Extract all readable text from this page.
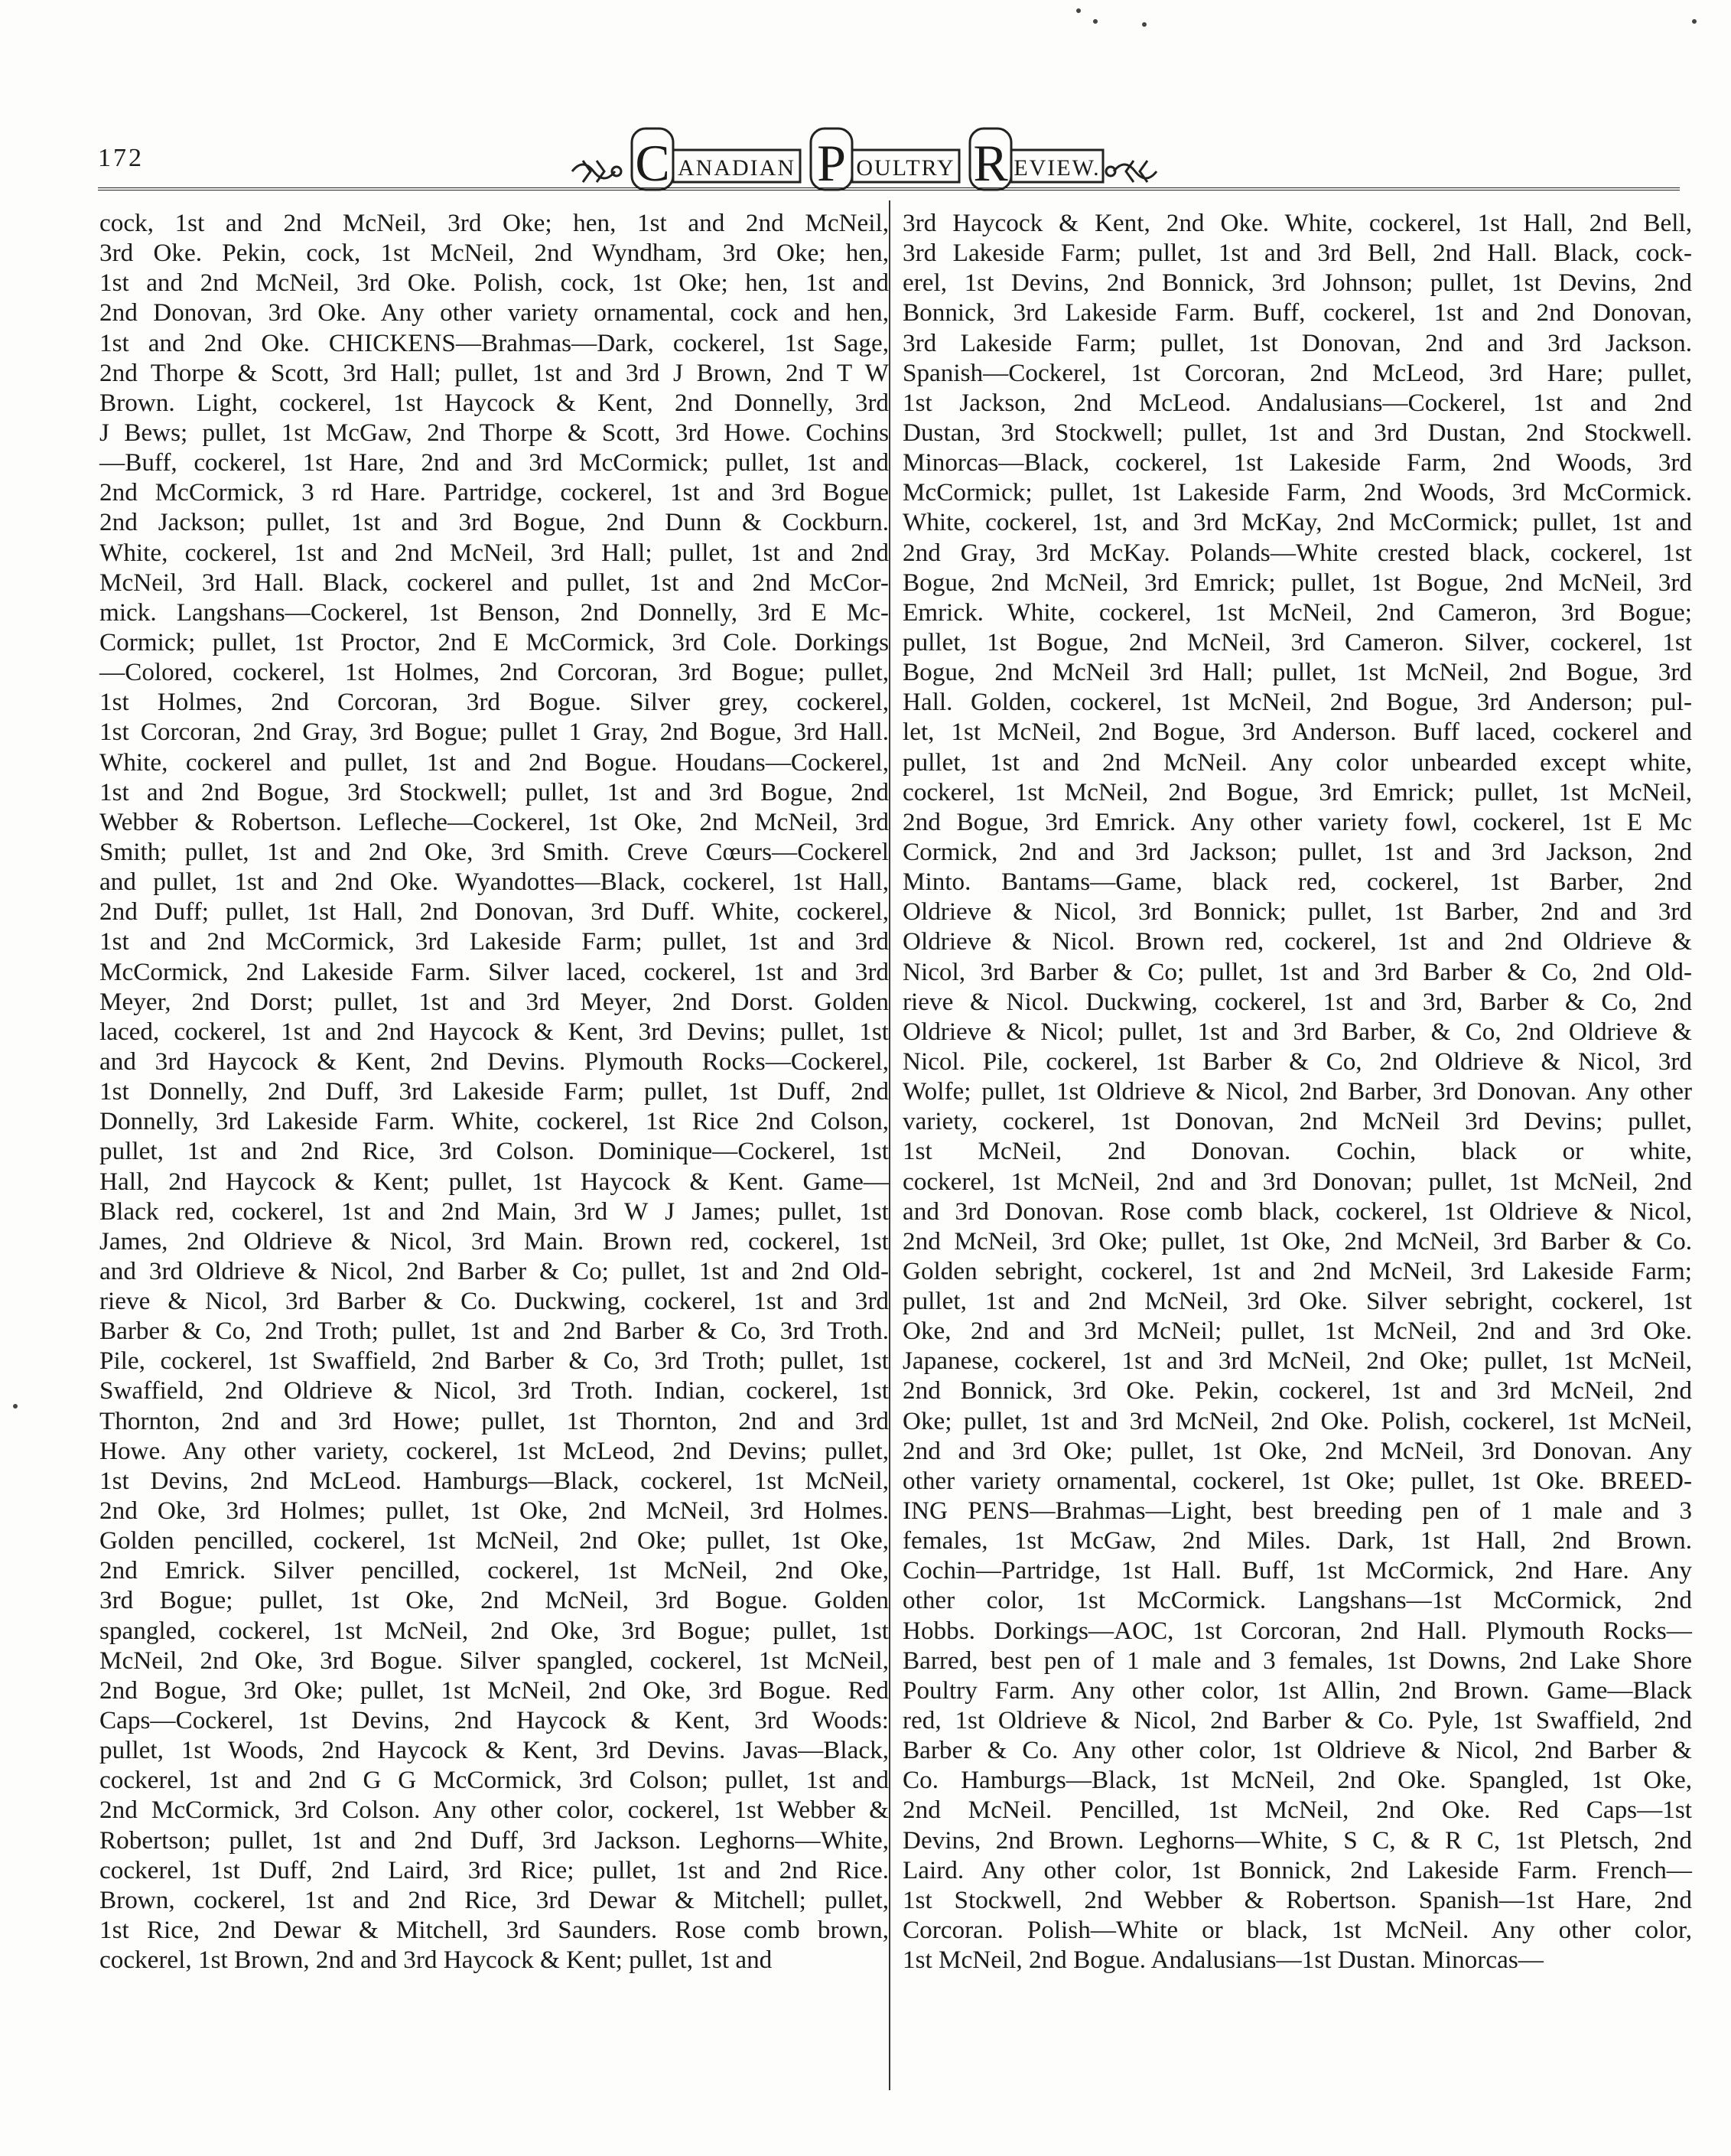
172	C ANADIAN P OULTRY R EVIEW.
cock, 1st and 2nd McNeil, 3rd Oke; hen, 1st and 2nd McNeil,
3rd Oke. Pekin, cock, 1st McNeil, 2nd Wyndham, 3rd Oke; hen,
1st and 2nd McNeil, 3rd Oke. Polish, cock, 1st Oke; hen, 1st and
2nd Donovan, 3rd Oke. Any other variety ornamental, cock and hen,
1st and 2nd Oke. CHICKENS—Brahmas—Dark, cockerel, 1st Sage,
2nd Thorpe & Scott, 3rd Hall; pullet, 1st and 3rd J Brown, 2nd T W
Brown. Light, cockerel, 1st Haycock & Kent, 2nd Donnelly, 3rd
J Bews; pullet, 1st McGaw, 2nd Thorpe & Scott, 3rd Howe. Cochins
—Buff, cockerel, 1st Hare, 2nd and 3rd McCormick; pullet, 1st and
2nd McCormick, 3 rd Hare. Partridge, cockerel, 1st and 3rd Bogue
2nd Jackson; pullet, 1st and 3rd Bogue, 2nd Dunn & Cockburn.
White, cockerel, 1st and 2nd McNeil, 3rd Hall; pullet, 1st and 2nd
McNeil, 3rd Hall. Black, cockerel and pullet, 1st and 2nd McCor-
mick. Langshans—Cockerel, 1st Benson, 2nd Donnelly, 3rd E Mc-
Cormick; pullet, 1st Proctor, 2nd E McCormick, 3rd Cole. Dorkings
—Colored, cockerel, 1st Holmes, 2nd Corcoran, 3rd Bogue; pullet,
1st Holmes, 2nd Corcoran, 3rd Bogue. Silver grey, cockerel,
1st Corcoran, 2nd Gray, 3rd Bogue; pullet 1 Gray, 2nd Bogue, 3rd Hall.
White, cockerel and pullet, 1st and 2nd Bogue. Houdans—Cockerel,
1st and 2nd Bogue, 3rd Stockwell; pullet, 1st and 3rd Bogue, 2nd
Webber & Robertson. Lefleche—Cockerel, 1st Oke, 2nd McNeil, 3rd
Smith; pullet, 1st and 2nd Oke, 3rd Smith. Creve Cœurs—Cockerel
and pullet, 1st and 2nd Oke. Wyandottes—Black, cockerel, 1st Hall,
2nd Duff; pullet, 1st Hall, 2nd Donovan, 3rd Duff. White, cockerel,
1st and 2nd McCormick, 3rd Lakeside Farm; pullet, 1st and 3rd
McCormick, 2nd Lakeside Farm. Silver laced, cockerel, 1st and 3rd
Meyer, 2nd Dorst; pullet, 1st and 3rd Meyer, 2nd Dorst. Golden
laced, cockerel, 1st and 2nd Haycock & Kent, 3rd Devins; pullet, 1st
and 3rd Haycock & Kent, 2nd Devins. Plymouth Rocks—Cockerel,
1st Donnelly, 2nd Duff, 3rd Lakeside Farm; pullet, 1st Duff, 2nd
Donnelly, 3rd Lakeside Farm. White, cockerel, 1st Rice 2nd Colson,
pullet, 1st and 2nd Rice, 3rd Colson. Dominique—Cockerel, 1st
Hall, 2nd Haycock & Kent; pullet, 1st Haycock & Kent. Game—
Black red, cockerel, 1st and 2nd Main, 3rd W J James; pullet, 1st
James, 2nd Oldrieve & Nicol, 3rd Main. Brown red, cockerel, 1st
and 3rd Oldrieve & Nicol, 2nd Barber & Co; pullet, 1st and 2nd Old-
rieve & Nicol, 3rd Barber & Co. Duckwing, cockerel, 1st and 3rd
Barber & Co, 2nd Troth; pullet, 1st and 2nd Barber & Co, 3rd Troth.
Pile, cockerel, 1st Swaffield, 2nd Barber & Co, 3rd Troth; pullet, 1st
Swaffield, 2nd Oldrieve & Nicol, 3rd Troth. Indian, cockerel, 1st
Thornton, 2nd and 3rd Howe; pullet, 1st Thornton, 2nd and 3rd
Howe. Any other variety, cockerel, 1st McLeod, 2nd Devins; pullet,
1st Devins, 2nd McLeod. Hamburgs—Black, cockerel, 1st McNeil,
2nd Oke, 3rd Holmes; pullet, 1st Oke, 2nd McNeil, 3rd Holmes.
Golden pencilled, cockerel, 1st McNeil, 2nd Oke; pullet, 1st Oke,
2nd Emrick. Silver pencilled, cockerel, 1st McNeil, 2nd Oke,
3rd Bogue; pullet, 1st Oke, 2nd McNeil, 3rd Bogue. Golden
spangled, cockerel, 1st McNeil, 2nd Oke, 3rd Bogue; pullet, 1st
McNeil, 2nd Oke, 3rd Bogue. Silver spangled, cockerel, 1st McNeil,
2nd Bogue, 3rd Oke; pullet, 1st McNeil, 2nd Oke, 3rd Bogue. Red
Caps—Cockerel, 1st Devins, 2nd Haycock & Kent, 3rd Woods:
pullet, 1st Woods, 2nd Haycock & Kent, 3rd Devins. Javas—Black,
cockerel, 1st and 2nd G G McCormick, 3rd Colson; pullet, 1st and
2nd McCormick, 3rd Colson. Any other color, cockerel, 1st Webber &
Robertson; pullet, 1st and 2nd Duff, 3rd Jackson. Leghorns—White,
cockerel, 1st Duff, 2nd Laird, 3rd Rice; pullet, 1st and 2nd Rice.
Brown, cockerel, 1st and 2nd Rice, 3rd Dewar & Mitchell; pullet,
1st Rice, 2nd Dewar & Mitchell, 3rd Saunders. Rose comb brown,
cockerel, 1st Brown, 2nd and 3rd Haycock & Kent; pullet, 1st and
3rd Haycock & Kent, 2nd Oke. White, cockerel, 1st Hall, 2nd Bell,
3rd Lakeside Farm; pullet, 1st and 3rd Bell, 2nd Hall. Black, cock-
erel, 1st Devins, 2nd Bonnick, 3rd Johnson; pullet, 1st Devins, 2nd
Bonnick, 3rd Lakeside Farm. Buff, cockerel, 1st and 2nd Donovan,
3rd Lakeside Farm; pullet, 1st Donovan, 2nd and 3rd Jackson.
Spanish—Cockerel, 1st Corcoran, 2nd McLeod, 3rd Hare; pullet,
1st Jackson, 2nd McLeod. Andalusians—Cockerel, 1st and 2nd
Dustan, 3rd Stockwell; pullet, 1st and 3rd Dustan, 2nd Stockwell.
Minorcas—Black, cockerel, 1st Lakeside Farm, 2nd Woods, 3rd
McCormick; pullet, 1st Lakeside Farm, 2nd Woods, 3rd McCormick.
White, cockerel, 1st, and 3rd McKay, 2nd McCormick; pullet, 1st and
2nd Gray, 3rd McKay. Polands—White crested black, cockerel, 1st
Bogue, 2nd McNeil, 3rd Emrick; pullet, 1st Bogue, 2nd McNeil, 3rd
Emrick. White, cockerel, 1st McNeil, 2nd Cameron, 3rd Bogue;
pullet, 1st Bogue, 2nd McNeil, 3rd Cameron. Silver, cockerel, 1st
Bogue, 2nd McNeil 3rd Hall; pullet, 1st McNeil, 2nd Bogue, 3rd
Hall. Golden, cockerel, 1st McNeil, 2nd Bogue, 3rd Anderson; pul-
let, 1st McNeil, 2nd Bogue, 3rd Anderson. Buff laced, cockerel and
pullet, 1st and 2nd McNeil. Any color unbearded except white,
cockerel, 1st McNeil, 2nd Bogue, 3rd Emrick; pullet, 1st McNeil,
2nd Bogue, 3rd Emrick. Any other variety fowl, cockerel, 1st E Mc
Cormick, 2nd and 3rd Jackson; pullet, 1st and 3rd Jackson, 2nd
Minto. Bantams—Game, black red, cockerel, 1st Barber, 2nd
Oldrieve & Nicol, 3rd Bonnick; pullet, 1st Barber, 2nd and 3rd
Oldrieve & Nicol. Brown red, cockerel, 1st and 2nd Oldrieve &
Nicol, 3rd Barber & Co; pullet, 1st and 3rd Barber & Co, 2nd Old-
rieve & Nicol. Duckwing, cockerel, 1st and 3rd, Barber & Co, 2nd
Oldrieve & Nicol; pullet, 1st and 3rd Barber, & Co, 2nd Oldrieve &
Nicol. Pile, cockerel, 1st Barber & Co, 2nd Oldrieve & Nicol, 3rd
Wolfe; pullet, 1st Oldrieve & Nicol, 2nd Barber, 3rd Donovan. Any other
variety, cockerel, 1st Donovan, 2nd McNeil 3rd Devins; pullet,
1st McNeil, 2nd Donovan. Cochin, black or white,
cockerel, 1st McNeil, 2nd and 3rd Donovan; pullet, 1st McNeil, 2nd
and 3rd Donovan. Rose comb black, cockerel, 1st Oldrieve & Nicol,
2nd McNeil, 3rd Oke; pullet, 1st Oke, 2nd McNeil, 3rd Barber & Co.
Golden sebright, cockerel, 1st and 2nd McNeil, 3rd Lakeside Farm;
pullet, 1st and 2nd McNeil, 3rd Oke. Silver sebright, cockerel, 1st
Oke, 2nd and 3rd McNeil; pullet, 1st McNeil, 2nd and 3rd Oke.
Japanese, cockerel, 1st and 3rd McNeil, 2nd Oke; pullet, 1st McNeil,
2nd Bonnick, 3rd Oke. Pekin, cockerel, 1st and 3rd McNeil, 2nd
Oke; pullet, 1st and 3rd McNeil, 2nd Oke. Polish, cockerel, 1st McNeil,
2nd and 3rd Oke; pullet, 1st Oke, 2nd McNeil, 3rd Donovan. Any
other variety ornamental, cockerel, 1st Oke; pullet, 1st Oke. BREED-
ING PENS—Brahmas—Light, best breeding pen of 1 male and 3
females, 1st McGaw, 2nd Miles. Dark, 1st Hall, 2nd Brown.
Cochin—Partridge, 1st Hall. Buff, 1st McCormick, 2nd Hare. Any
other color, 1st McCormick. Langshans—1st McCormick, 2nd
Hobbs. Dorkings—AOC, 1st Corcoran, 2nd Hall. Plymouth Rocks—
Barred, best pen of 1 male and 3 females, 1st Downs, 2nd Lake Shore
Poultry Farm. Any other color, 1st Allin, 2nd Brown. Game—Black
red, 1st Oldrieve & Nicol, 2nd Barber & Co. Pyle, 1st Swaffield, 2nd
Barber & Co. Any other color, 1st Oldrieve & Nicol, 2nd Barber &
Co. Hamburgs—Black, 1st McNeil, 2nd Oke. Spangled, 1st Oke,
2nd McNeil. Pencilled, 1st McNeil, 2nd Oke. Red Caps—1st
Devins, 2nd Brown. Leghorns—White, S C, & R C, 1st Pletsch, 2nd
Laird. Any other color, 1st Bonnick, 2nd Lakeside Farm. French—
1st Stockwell, 2nd Webber & Robertson. Spanish—1st Hare, 2nd
Corcoran. Polish—White or black, 1st McNeil. Any other color,
1st McNeil, 2nd Bogue. Andalusians—1st Dustan. Minorcas—
